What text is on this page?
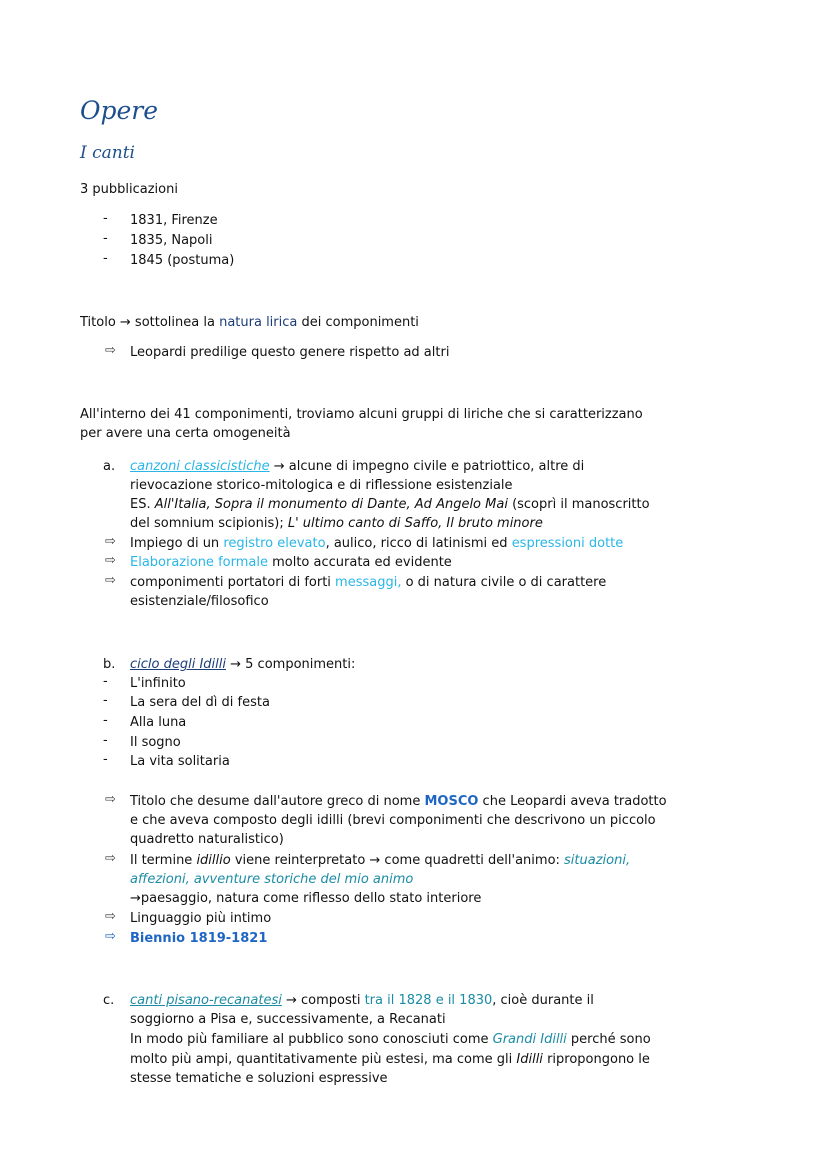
Opere
I canti
3 pubblicazioni
- 1831, Firenze
- 1835, Napoli
- 1845 (postuma)
Titolo → sottolinea la natura lirica dei componimenti
⇨ Leopardi predilige questo genere rispetto ad altri
All'interno dei 41 componimenti, troviamo alcuni gruppi di liriche che si caratterizzano
per avere una certa omogeneità
a. canzoni classicistiche → alcune di impegno civile e patriottico, altre di
rievocazione storico-mitologica e di riflessione esistenziale
ES. All'Italia, Sopra il monumento di Dante, Ad Angelo Mai (scoprì il manoscritto
del somnium scipionis); L' ultimo canto di Saffo, Il bruto minore
⇨ Impiego di un registro elevato, aulico, ricco di latinismi ed espressioni dotte
⇨ Elaborazione formale molto accurata ed evidente
⇨ componimenti portatori di forti messaggi, o di natura civile o di carattere
esistenziale/filosofico
b. ciclo degli Idilli → 5 componimenti:
- L'infinito
- La sera del dì di festa
- Alla luna
- Il sogno
- La vita solitaria
⇨ Titolo che desume dall'autore greco di nome MOSCO che Leopardi aveva tradotto
e che aveva composto degli idilli (brevi componimenti che descrivono un piccolo
quadretto naturalistico)
⇨ Il termine idillio viene reinterpretato → come quadretti dell'animo: situazioni,
affezioni, avventure storiche del mio animo
→paesaggio, natura come riflesso dello stato interiore
⇨ Linguaggio più intimo
⇨ Biennio 1819-1821
c. canti pisano-recanatesi → composti tra il 1828 e il 1830, cioè durante il
soggiorno a Pisa e, successivamente, a Recanati
In modo più familiare al pubblico sono conosciuti come Grandi Idilli perché sono
molto più ampi, quantitativamente più estesi, ma come gli Idilli ripropongono le
stesse tematiche e soluzioni espressive
